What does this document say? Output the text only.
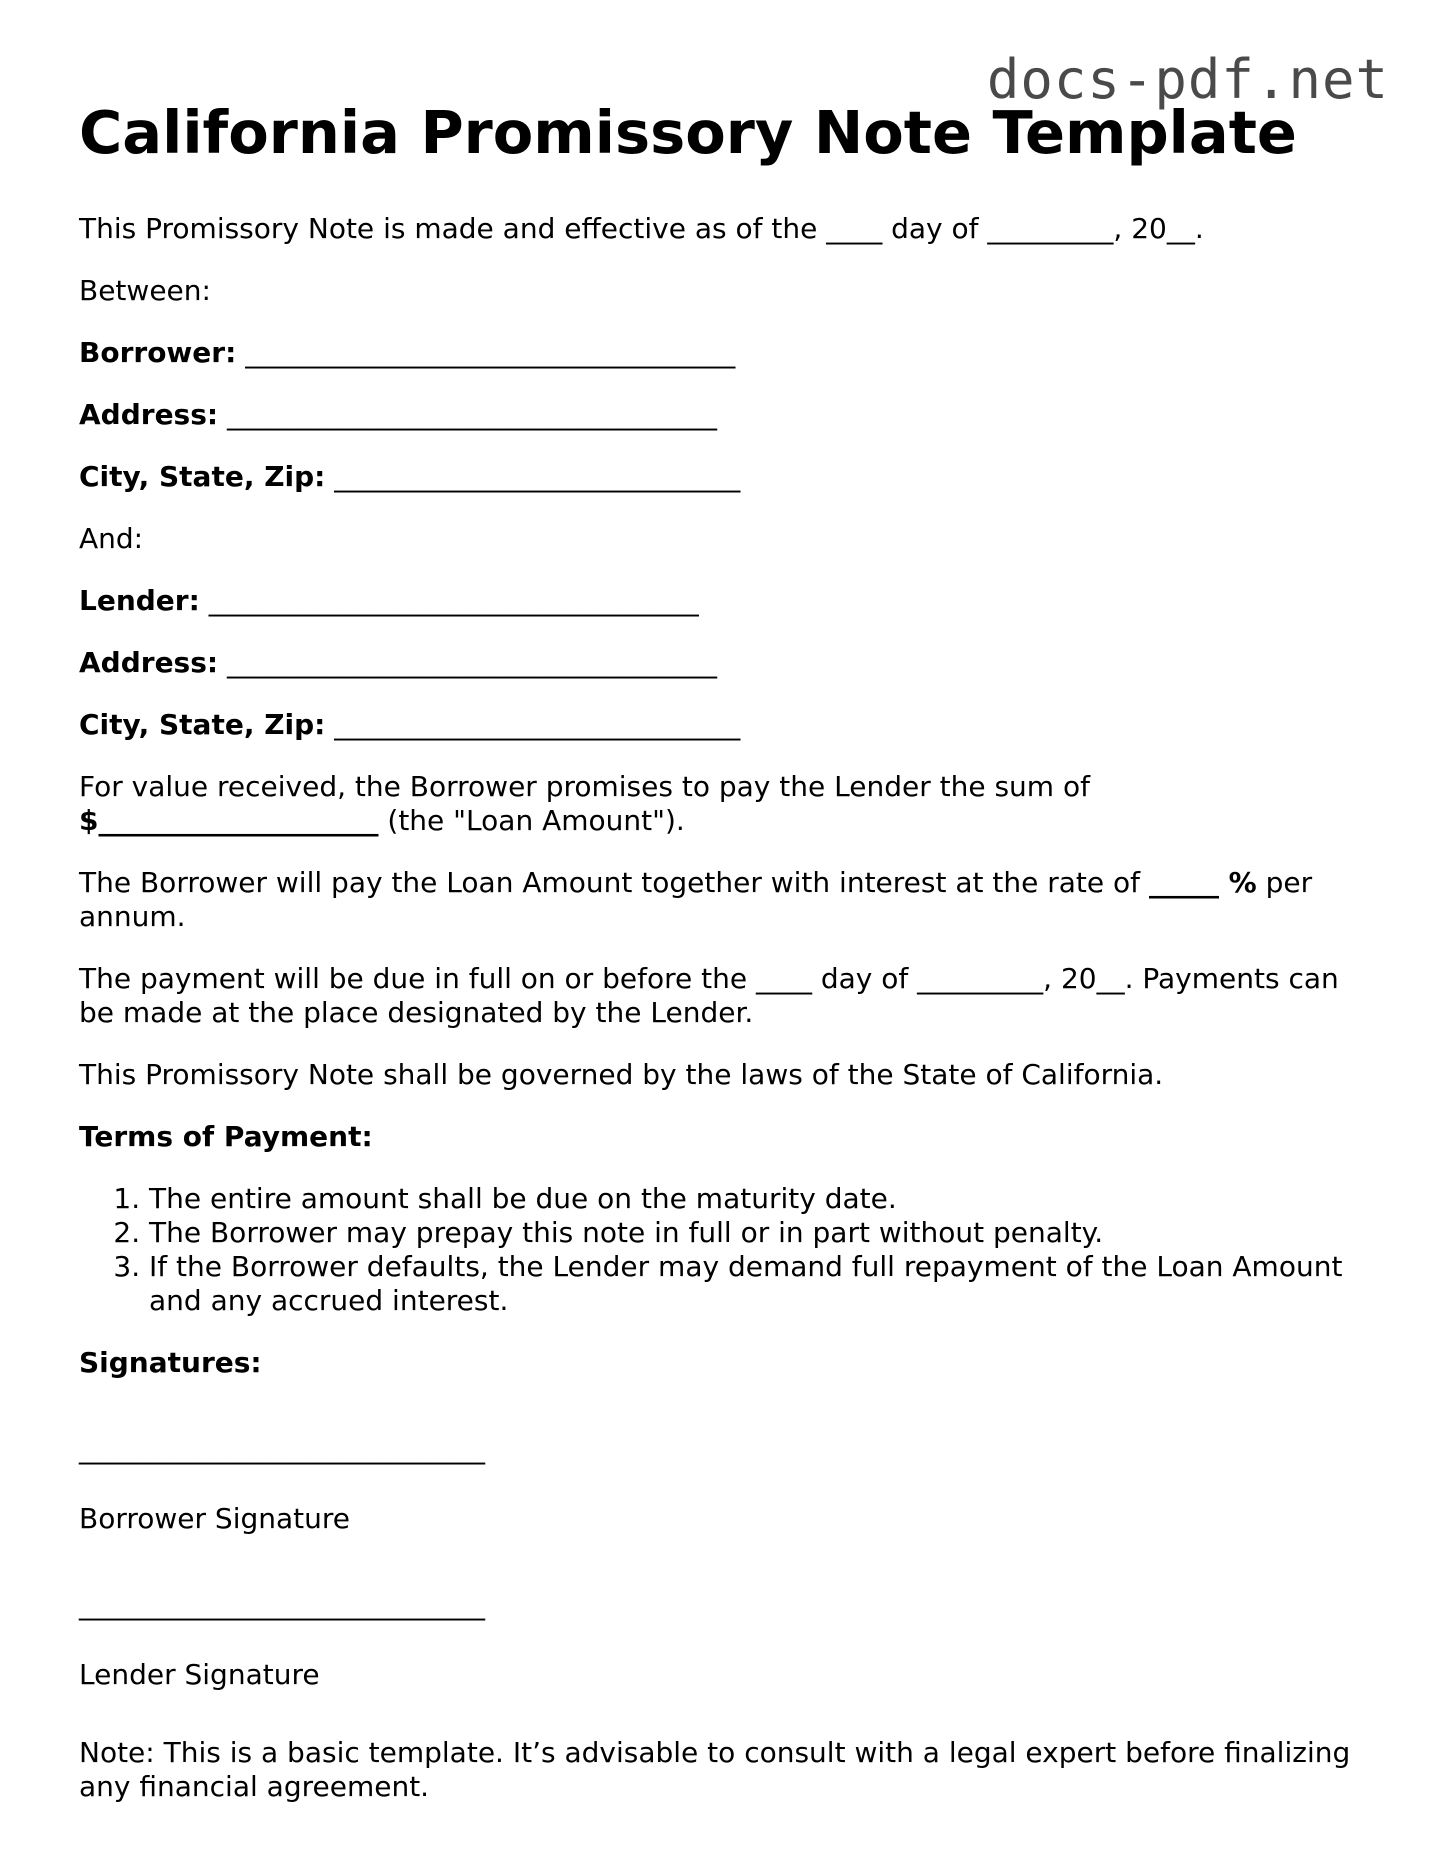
docs-pdf.net
California Promissory Note Template

This Promissory Note is made and effective as of the ____ day of _________, 20__.

Between:

Borrower: ___________________________________

Address: ___________________________________

City, State, Zip: _____________________________

And:

Lender: ___________________________________

Address: ___________________________________

City, State, Zip: _____________________________

For value received, the Borrower promises to pay the Lender the sum of
$____________________ (the "Loan Amount").

The Borrower will pay the Loan Amount together with interest at the rate of _____ % per annum.

The payment will be due in full on or before the ____ day of _________, 20__. Payments can be made at the place designated by the Lender.

This Promissory Note shall be governed by the laws of the State of California.

Terms of Payment:

1. The entire amount shall be due on the maturity date.
2. The Borrower may prepay this note in full or in part without penalty.
3. If the Borrower defaults, the Lender may demand full repayment of the Loan Amount and any accrued interest.

Signatures:

_____________________________

Borrower Signature

_____________________________

Lender Signature

Note: This is a basic template. It’s advisable to consult with a legal expert before finalizing any financial agreement.
